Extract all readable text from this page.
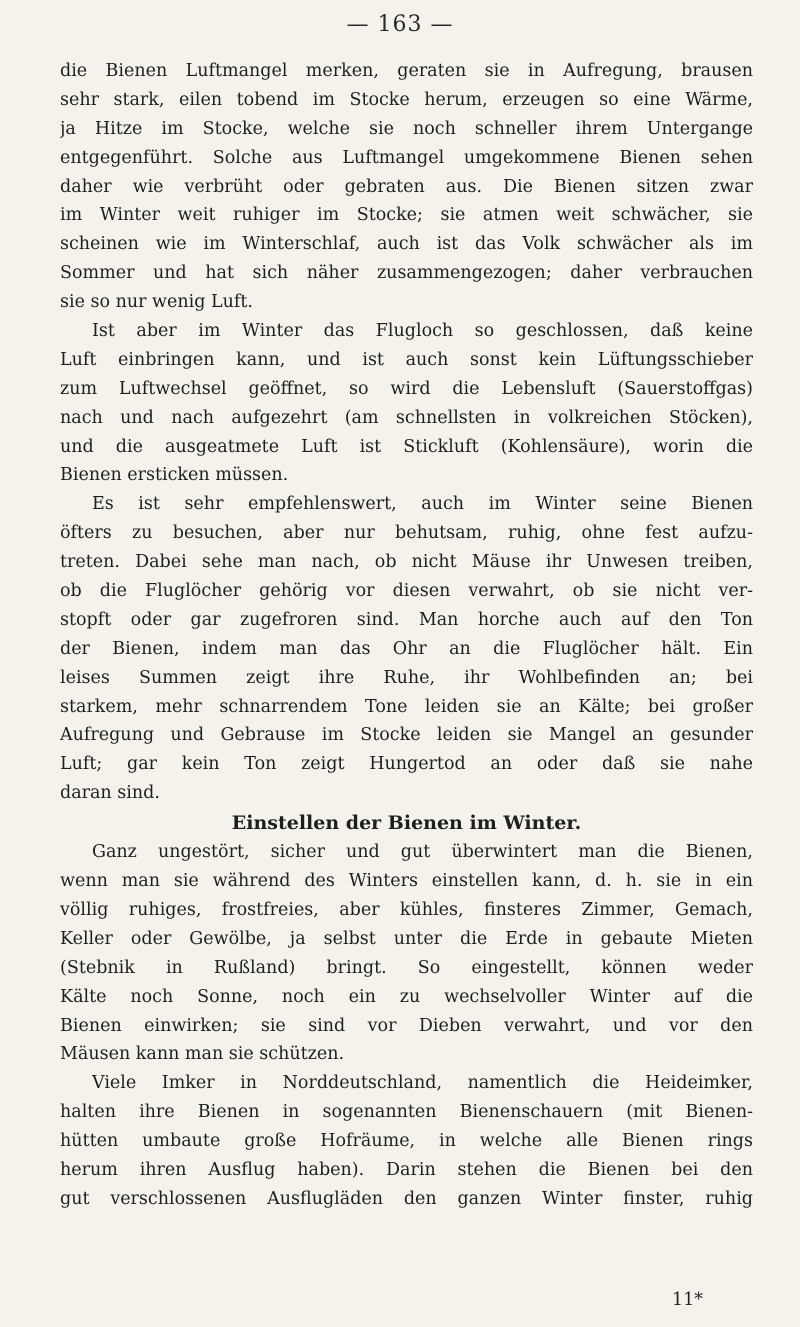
— 163 —
die Bienen Luftmangel merken, geraten sie in Aufregung, brausen
sehr stark, eilen tobend im Stocke herum, erzeugen so eine Wärme,
ja Hitze im Stocke, welche sie noch schneller ihrem Untergange
entgegenführt. Solche aus Luftmangel umgekommene Bienen sehen
daher wie verbrüht oder gebraten aus. Die Bienen sitzen zwar
im Winter weit ruhiger im Stocke; sie atmen weit schwächer, sie
scheinen wie im Winterschlaf, auch ist das Volk schwächer als im
Sommer und hat sich näher zusammengezogen; daher verbrauchen
sie so nur wenig Luft.
Ist aber im Winter das Flugloch so geschlossen, daß keine
Luft einbringen kann, und ist auch sonst kein Lüftungsschieber
zum Luftwechsel geöffnet, so wird die Lebensluft (Sauerstoffgas)
nach und nach aufgezehrt (am schnellsten in volkreichen Stöcken),
und die ausgeatmete Luft ist Stickluft (Kohlensäure), worin die
Bienen ersticken müssen.
Es ist sehr empfehlenswert, auch im Winter seine Bienen
öfters zu besuchen, aber nur behutsam, ruhig, ohne fest aufzu-
treten. Dabei sehe man nach, ob nicht Mäuse ihr Unwesen treiben,
ob die Fluglöcher gehörig vor diesen verwahrt, ob sie nicht ver-
stopft oder gar zugefroren sind. Man horche auch auf den Ton
der Bienen, indem man das Ohr an die Fluglöcher hält. Ein
leises Summen zeigt ihre Ruhe, ihr Wohlbefinden an; bei
starkem, mehr schnarrendem Tone leiden sie an Kälte; bei großer
Aufregung und Gebrause im Stocke leiden sie Mangel an gesunder
Luft; gar kein Ton zeigt Hungertod an oder daß sie nahe
daran sind.
Einstellen der Bienen im Winter.
Ganz ungestört, sicher und gut überwintert man die Bienen,
wenn man sie während des Winters einstellen kann, d. h. sie in ein
völlig ruhiges, frostfreies, aber kühles, finsteres Zimmer, Gemach,
Keller oder Gewölbe, ja selbst unter die Erde in gebaute Mieten
(Stebnik in Rußland) bringt. So eingestellt, können weder
Kälte noch Sonne, noch ein zu wechselvoller Winter auf die
Bienen einwirken; sie sind vor Dieben verwahrt, und vor den
Mäusen kann man sie schützen.
Viele Imker in Norddeutschland, namentlich die Heideimker,
halten ihre Bienen in sogenannten Bienenschauern (mit Bienen-
hütten umbaute große Hofräume, in welche alle Bienen rings
herum ihren Ausflug haben). Darin stehen die Bienen bei den
gut verschlossenen Ausflugläden den ganzen Winter finster, ruhig
11*
